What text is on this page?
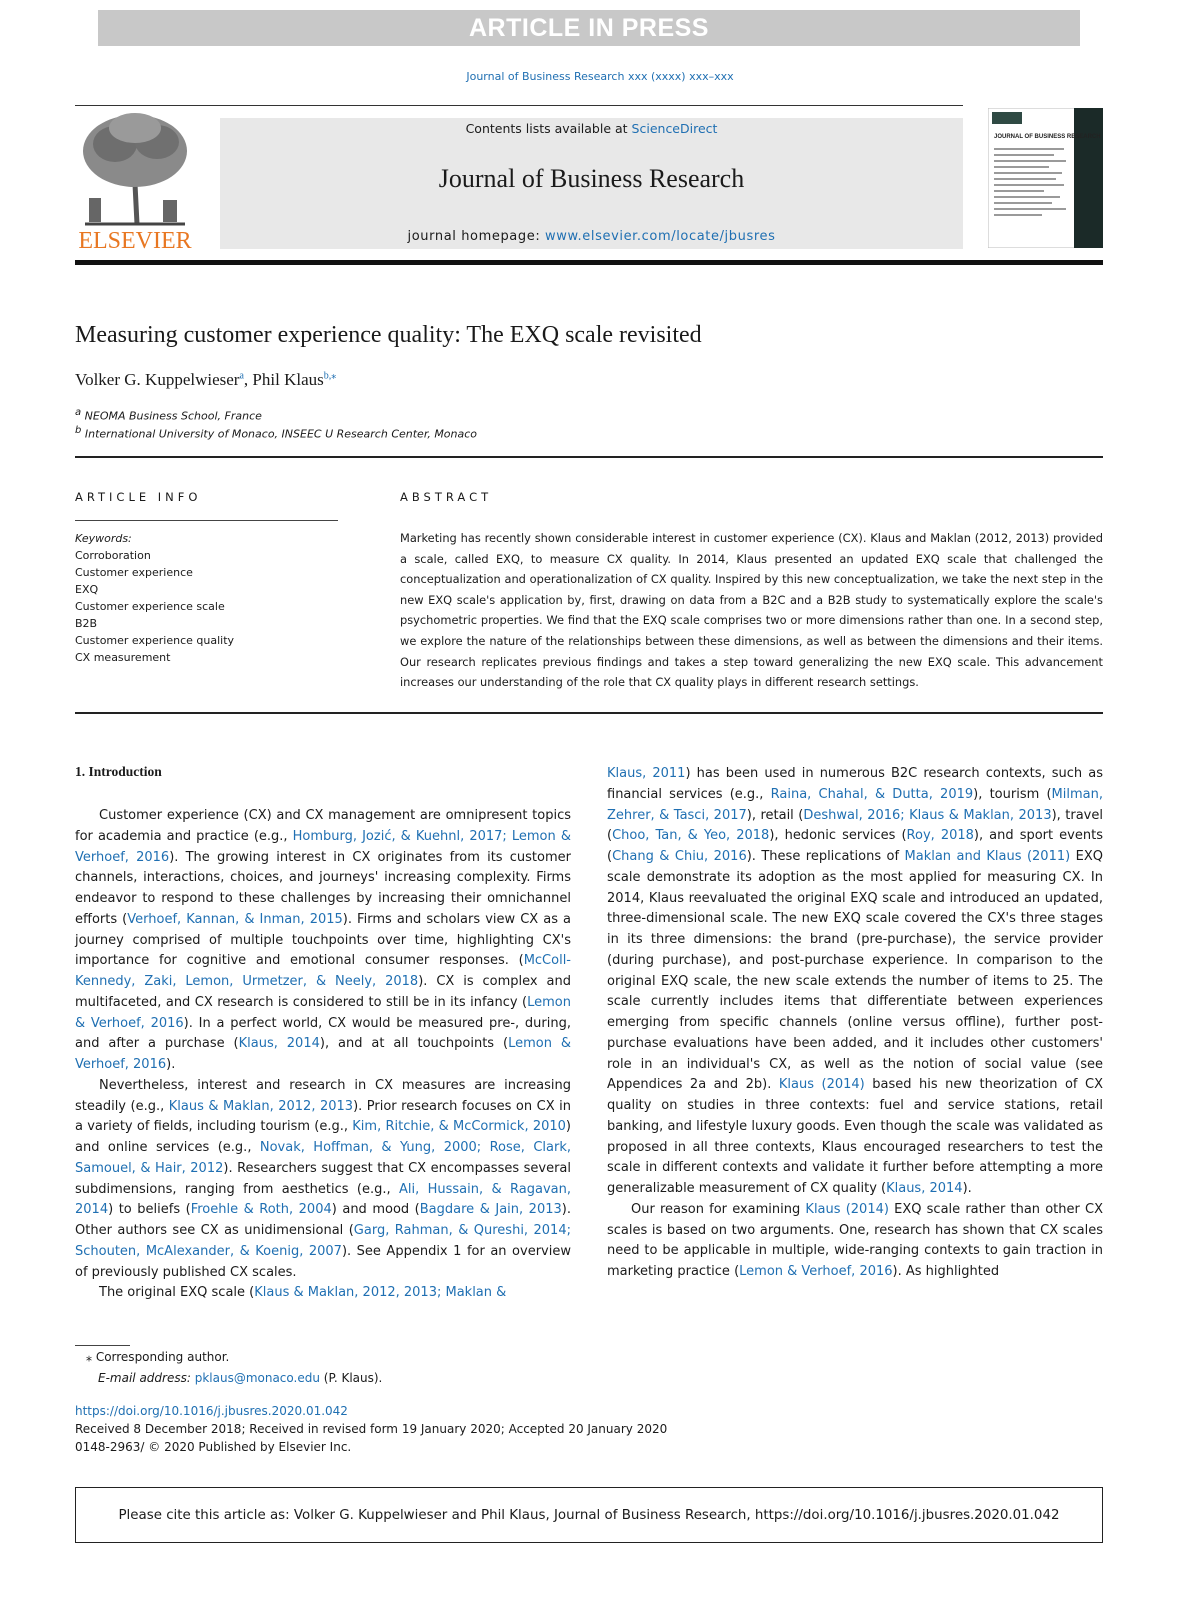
ARTICLE IN PRESS
Journal of Business Research xxx (xxxx) xxx–xxx
Contents lists available at ScienceDirect
Journal of Business Research
journal homepage: www.elsevier.com/locate/jbusres
ELSEVIER
JOURNAL OF BUSINESS RESEARCH
Measuring customer experience quality: The EXQ scale revisited
Volker G. Kuppelwieser$^a$, Phil Klaus$^{b,⁎}$
a NEOMA Business School, France
b International University of Monaco, INSEEC U Research Center, Monaco
ARTICLE INFO
Keywords:
Corroboration
Customer experience
EXQ
Customer experience scale
B2B
Customer experience quality
CX measurement
ABSTRACT

Marketing has recently shown considerable interest in customer experience (CX). Klaus and Maklan (2012, 2013) provided a scale, called EXQ, to measure CX quality. In 2014, Klaus presented an updated EXQ scale that challenged the conceptualization and operationalization of CX quality. Inspired by this new conceptualization, we take the next step in the new EXQ scale's application by, first, drawing on data from a B2C and a B2B study to systematically explore the scale's psychometric properties. We find that the EXQ scale comprises two or more dimensions rather than one. In a second step, we explore the nature of the relationships between these dimensions, as well as between the dimensions and their items. Our research replicates previous findings and takes a step toward generalizing the new EXQ scale. This advancement increases our understanding of the role that CX quality plays in different research settings.

1. Introduction

Customer experience (CX) and CX management are omnipresent topics for academia and practice (e.g., Homburg, Jozić, & Kuehnl, 2017; Lemon & Verhoef, 2016). The growing interest in CX originates from its customer channels, interactions, choices, and journeys' increasing complexity. Firms endeavor to respond to these challenges by increasing their omnichannel efforts (Verhoef, Kannan, & Inman, 2015). Firms and scholars view CX as a journey comprised of multiple touchpoints over time, highlighting CX's importance for cognitive and emotional consumer responses. (McColl-Kennedy, Zaki, Lemon, Urmetzer, & Neely, 2018). CX is complex and multifaceted, and CX research is considered to still be in its infancy (Lemon & Verhoef, 2016). In a perfect world, CX would be measured pre-, during, and after a purchase (Klaus, 2014), and at all touchpoints (Lemon & Verhoef, 2016).

Nevertheless, interest and research in CX measures are increasing steadily (e.g., Klaus & Maklan, 2012, 2013). Prior research focuses on CX in a variety of fields, including tourism (e.g., Kim, Ritchie, & McCormick, 2010) and online services (e.g., Novak, Hoffman, & Yung, 2000; Rose, Clark, Samouel, & Hair, 2012). Researchers suggest that CX encompasses several subdimensions, ranging from aesthetics (e.g., Ali, Hussain, & Ragavan, 2014) to beliefs (Froehle & Roth, 2004) and mood (Bagdare & Jain, 2013). Other authors see CX as unidimensional (Garg, Rahman, & Qureshi, 2014; Schouten, McAlexander, & Koenig, 2007). See Appendix 1 for an overview of previously published CX scales.

The original EXQ scale (Klaus & Maklan, 2012, 2013; Maklan &

Klaus, 2011) has been used in numerous B2C research contexts, such as financial services (e.g., Raina, Chahal, & Dutta, 2019), tourism (Milman, Zehrer, & Tasci, 2017), retail (Deshwal, 2016; Klaus & Maklan, 2013), travel (Choo, Tan, & Yeo, 2018), hedonic services (Roy, 2018), and sport events (Chang & Chiu, 2016). These replications of Maklan and Klaus (2011) EXQ scale demonstrate its adoption as the most applied for measuring CX. In 2014, Klaus reevaluated the original EXQ scale and introduced an updated, three-dimensional scale. The new EXQ scale covered the CX's three stages in its three dimensions: the brand (pre-purchase), the service provider (during purchase), and post-purchase experience. In comparison to the original EXQ scale, the new scale extends the number of items to 25. The scale currently includes items that differentiate between experiences emerging from specific channels (online versus offline), further post-purchase evaluations have been added, and it includes other customers' role in an individual's CX, as well as the notion of social value (see Appendices 2a and 2b). Klaus (2014) based his new theorization of CX quality on studies in three contexts: fuel and service stations, retail banking, and lifestyle luxury goods. Even though the scale was validated as proposed in all three contexts, Klaus encouraged researchers to test the scale in different contexts and validate it further before attempting a more generalizable measurement of CX quality (Klaus, 2014).

Our reason for examining Klaus (2014) EXQ scale rather than other CX scales is based on two arguments. One, research has shown that CX scales need to be applicable in multiple, wide-ranging contexts to gain traction in marketing practice (Lemon & Verhoef, 2016). As highlighted

⁎ Corresponding author.
E-mail address: pklaus@monaco.edu (P. Klaus).
https://doi.org/10.1016/j.jbusres.2020.01.042
Received 8 December 2018; Received in revised form 19 January 2020; Accepted 20 January 2020
0148-2963/ © 2020 Published by Elsevier Inc.
Please cite this article as: Volker G. Kuppelwieser and Phil Klaus, Journal of Business Research, https://doi.org/10.1016/j.jbusres.2020.01.042
